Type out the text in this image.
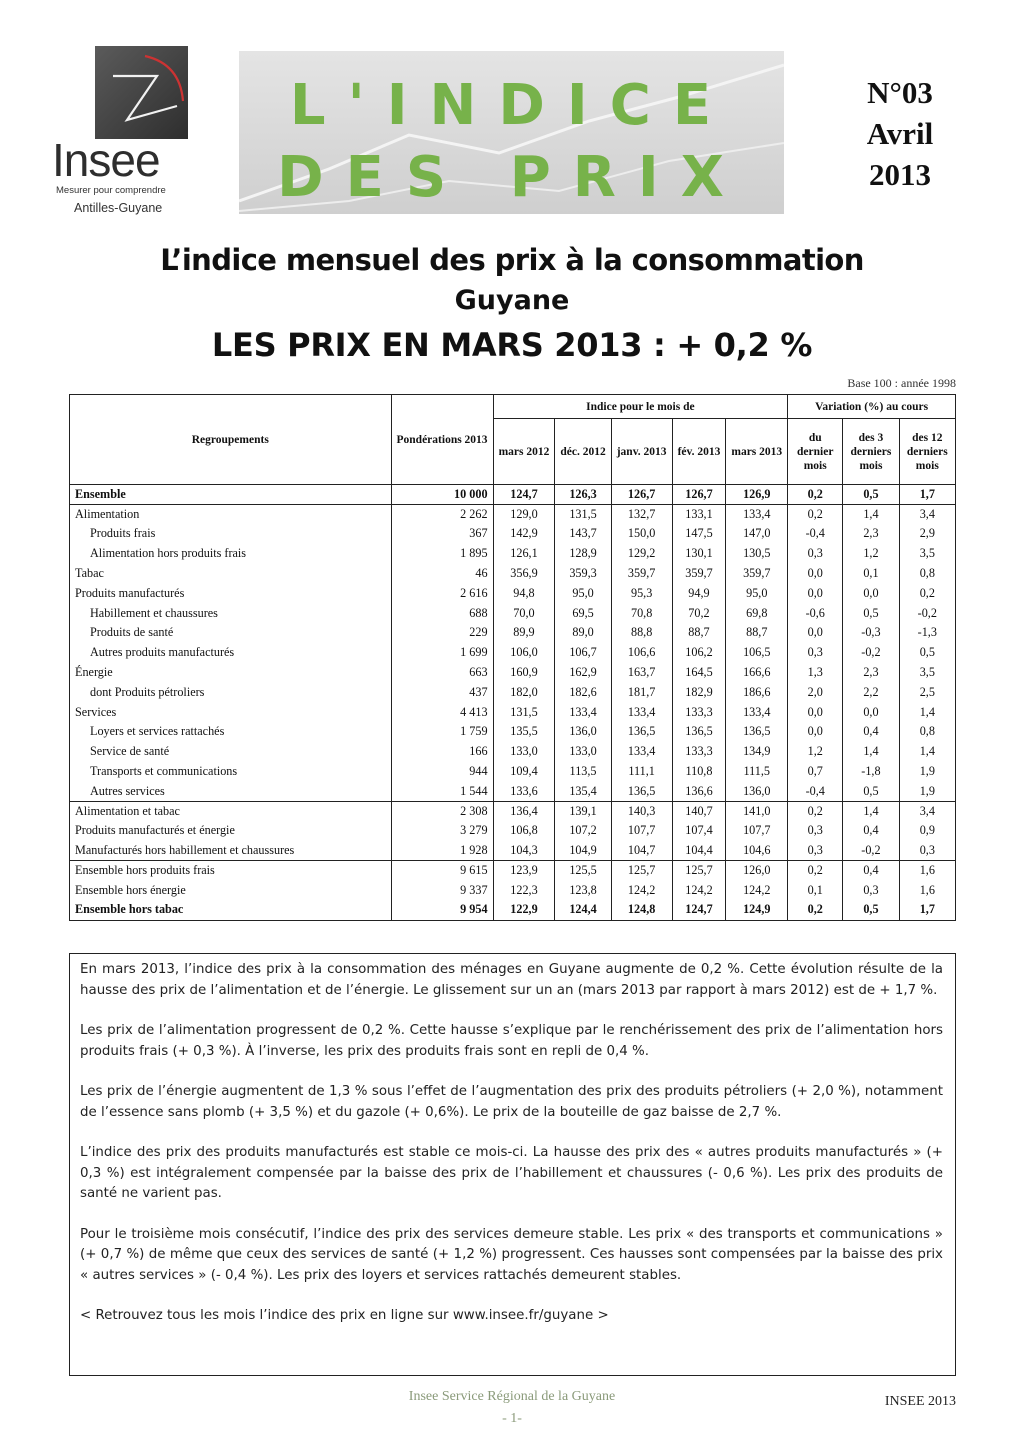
Insee
Mesurer pour comprendre
Antilles-Guyane
L'INDICE
DES PRIX
N°03
Avril
2013
L’indice mensuel des prix à la consommation
Guyane
LES PRIX EN MARS 2013 : + 0,2 %
Base 100 : année 1998
Regroupements	Pondérations 2013	Indice pour le mois de					Variation (%) au cours		
		mars 2012	déc. 2012	janv. 2013	fév. 2013	mars 2013	du dernier mois	des 3 derniers mois	des 12 derniers mois
Ensemble	10 000	124,7	126,3	126,7	126,7	126,9	0,2	0,5	1,7
Alimentation	2 262	129,0	131,5	132,7	133,1	133,4	0,2	1,4	3,4
Produits frais	367	142,9	143,7	150,0	147,5	147,0	-0,4	2,3	2,9
Alimentation hors produits frais	1 895	126,1	128,9	129,2	130,1	130,5	0,3	1,2	3,5
Tabac	46	356,9	359,3	359,7	359,7	359,7	0,0	0,1	0,8
Produits manufacturés	2 616	94,8	95,0	95,3	94,9	95,0	0,0	0,0	0,2
Habillement et chaussures	688	70,0	69,5	70,8	70,2	69,8	-0,6	0,5	-0,2
Produits de santé	229	89,9	89,0	88,8	88,7	88,7	0,0	-0,3	-1,3
Autres produits manufacturés	1 699	106,0	106,7	106,6	106,2	106,5	0,3	-0,2	0,5
Énergie	663	160,9	162,9	163,7	164,5	166,6	1,3	2,3	3,5
dont Produits pétroliers	437	182,0	182,6	181,7	182,9	186,6	2,0	2,2	2,5
Services	4 413	131,5	133,4	133,4	133,3	133,4	0,0	0,0	1,4
Loyers et services rattachés	1 759	135,5	136,0	136,5	136,5	136,5	0,0	0,4	0,8
Service de santé	166	133,0	133,0	133,4	133,3	134,9	1,2	1,4	1,4
Transports et communications	944	109,4	113,5	111,1	110,8	111,5	0,7	-1,8	1,9
Autres services	1 544	133,6	135,4	136,5	136,6	136,0	-0,4	0,5	1,9
Alimentation et tabac	2 308	136,4	139,1	140,3	140,7	141,0	0,2	1,4	3,4
Produits manufacturés et énergie	3 279	106,8	107,2	107,7	107,4	107,7	0,3	0,4	0,9
Manufacturés hors habillement et chaussures	1 928	104,3	104,9	104,7	104,4	104,6	0,3	-0,2	0,3
Ensemble hors produits frais	9 615	123,9	125,5	125,7	125,7	126,0	0,2	0,4	1,6
Ensemble hors énergie	9 337	122,3	123,8	124,2	124,2	124,2	0,1	0,3	1,6
Ensemble hors tabac	9 954	122,9	124,4	124,8	124,7	124,9	0,2	0,5	1,7

En mars 2013, l’indice des prix à la consommation des ménages en Guyane augmente de 0,2 %. Cette évolution résulte de la hausse des prix de l’alimentation et de l’énergie. Le glissement sur un an (mars 2013 par rapport à mars 2012) est de + 1,7 %.

Les prix de l’alimentation progressent de 0,2 %. Cette hausse s’explique par le renchérissement des prix de l’alimentation hors produits frais (+ 0,3 %). À l’inverse, les prix des produits frais sont en repli de 0,4 %.

Les prix de l’énergie augmentent de 1,3 % sous l’effet de l’augmentation des prix des produits pétroliers (+ 2,0 %), notamment de l’essence sans plomb (+ 3,5 %) et du gazole (+ 0,6%). Le prix de la bouteille de gaz baisse de 2,7 %.

L’indice des prix des produits manufacturés est stable ce mois-ci. La hausse des prix des « autres produits manufacturés » (+ 0,3 %) est intégralement compensée par la baisse des prix de l’habillement et chaussures (- 0,6 %). Les prix des produits de santé ne varient pas.

Pour le troisième mois consécutif, l’indice des prix des services demeure stable. Les prix « des transports et communications » (+ 0,7 %) de même que ceux des services de santé (+ 1,2 %) progressent. Ces hausses sont compensées par la baisse des prix « autres services » (- 0,4 %). Les prix des loyers et services rattachés demeurent stables.

< Retrouvez tous les mois l’indice des prix en ligne sur www.insee.fr/guyane >

Insee Service Régional de la Guyane
- 1-
INSEE 2013
